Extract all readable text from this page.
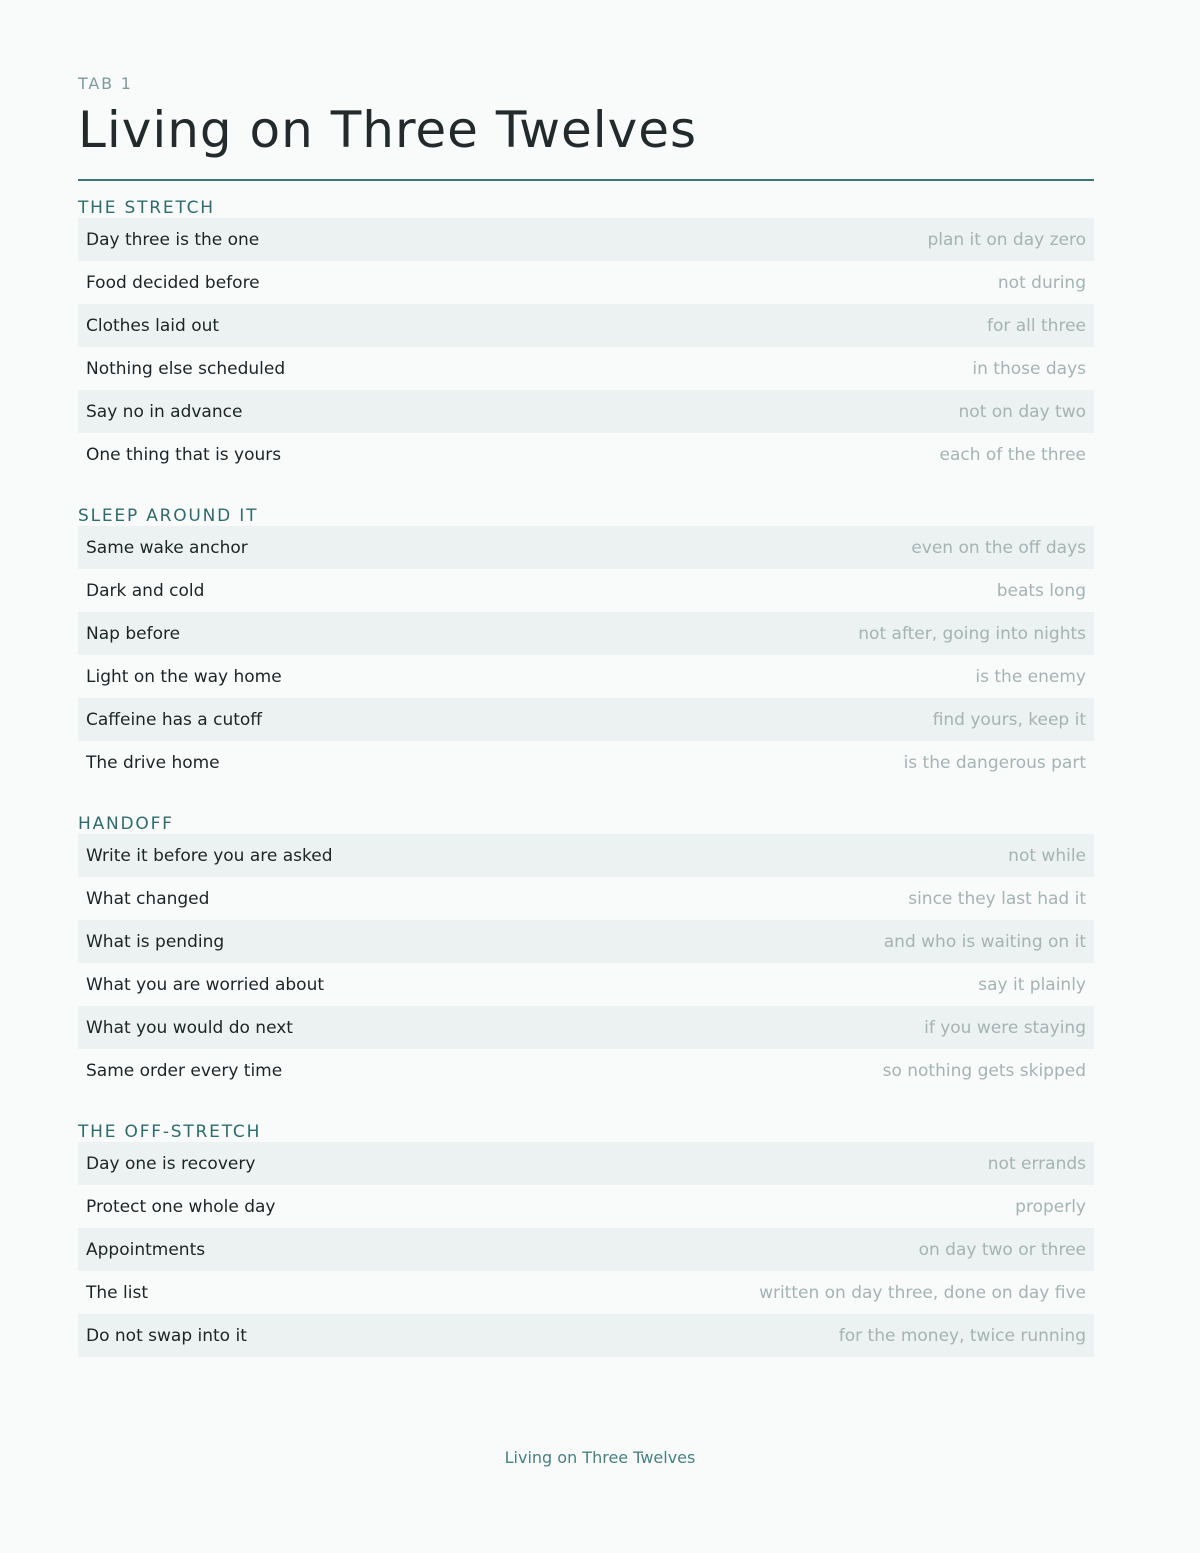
TAB 1
Living on Three Twelves
THE STRETCH
Day three is the one	plan it on day zero
Food decided before	not during
Clothes laid out	for all three
Nothing else scheduled	in those days
Say no in advance	not on day two
One thing that is yours	each of the three
SLEEP AROUND IT
Same wake anchor	even on the off days
Dark and cold	beats long
Nap before	not after, going into nights
Light on the way home	is the enemy
Caffeine has a cutoff	find yours, keep it
The drive home	is the dangerous part
HANDOFF
Write it before you are asked	not while
What changed	since they last had it
What is pending	and who is waiting on it
What you are worried about	say it plainly
What you would do next	if you were staying
Same order every time	so nothing gets skipped
THE OFF-STRETCH
Day one is recovery	not errands
Protect one whole day	properly
Appointments	on day two or three
The list	written on day three, done on day five
Do not swap into it	for the money, twice running
Living on Three Twelves
